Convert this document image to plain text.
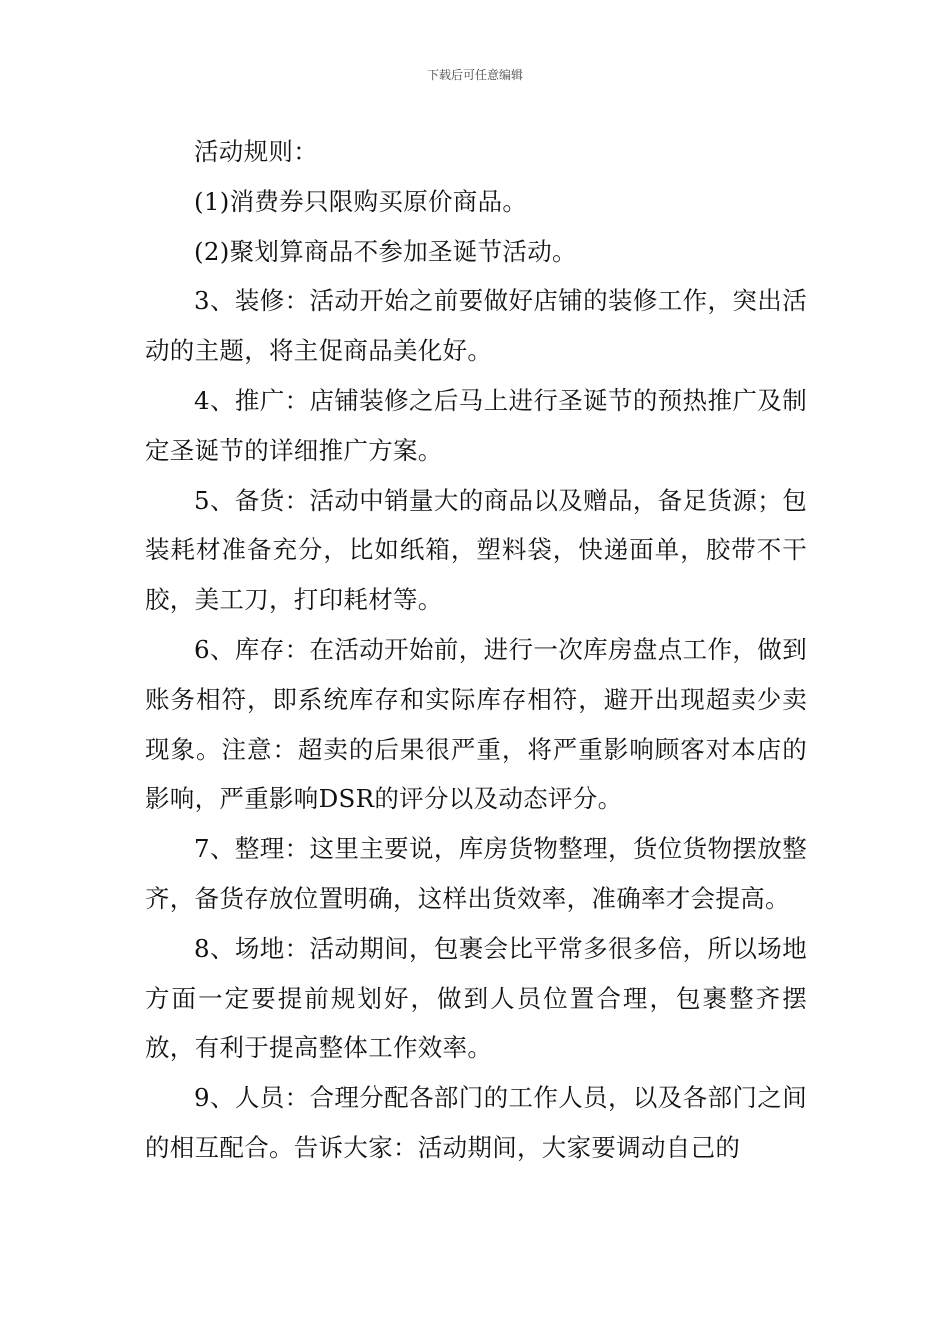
下载后可任意编辑

活动规则：

(1)消费券只限购买原价商品。

(2)聚划算商品不参加圣诞节活动。

3、装修：活动开始之前要做好店铺的装修工作，突出活动的主题，将主促商品美化好。

4、推广：店铺装修之后马上进行圣诞节的预热推广及制定圣诞节的详细推广方案。

5、备货：活动中销量大的商品以及赠品，备足货源；包装耗材准备充分，比如纸箱，塑料袋，快递面单，胶带不干胶，美工刀，打印耗材等。

6、库存：在活动开始前，进行一次库房盘点工作，做到账务相符，即系统库存和实际库存相符，避开出现超卖少卖现象。注意：超卖的后果很严重，将严重影响顾客对本店的影响，严重影响DSR的评分以及动态评分。

7、整理：这里主要说，库房货物整理，货位货物摆放整齐，备货存放位置明确，这样出货效率，准确率才会提高。

8、场地：活动期间，包裹会比平常多很多倍，所以场地方面一定要提前规划好，做到人员位置合理，包裹整齐摆放，有利于提高整体工作效率。

9、人员：合理分配各部门的工作人员，以及各部门之间的相互配合。告诉大家：活动期间，大家要调动自己的
